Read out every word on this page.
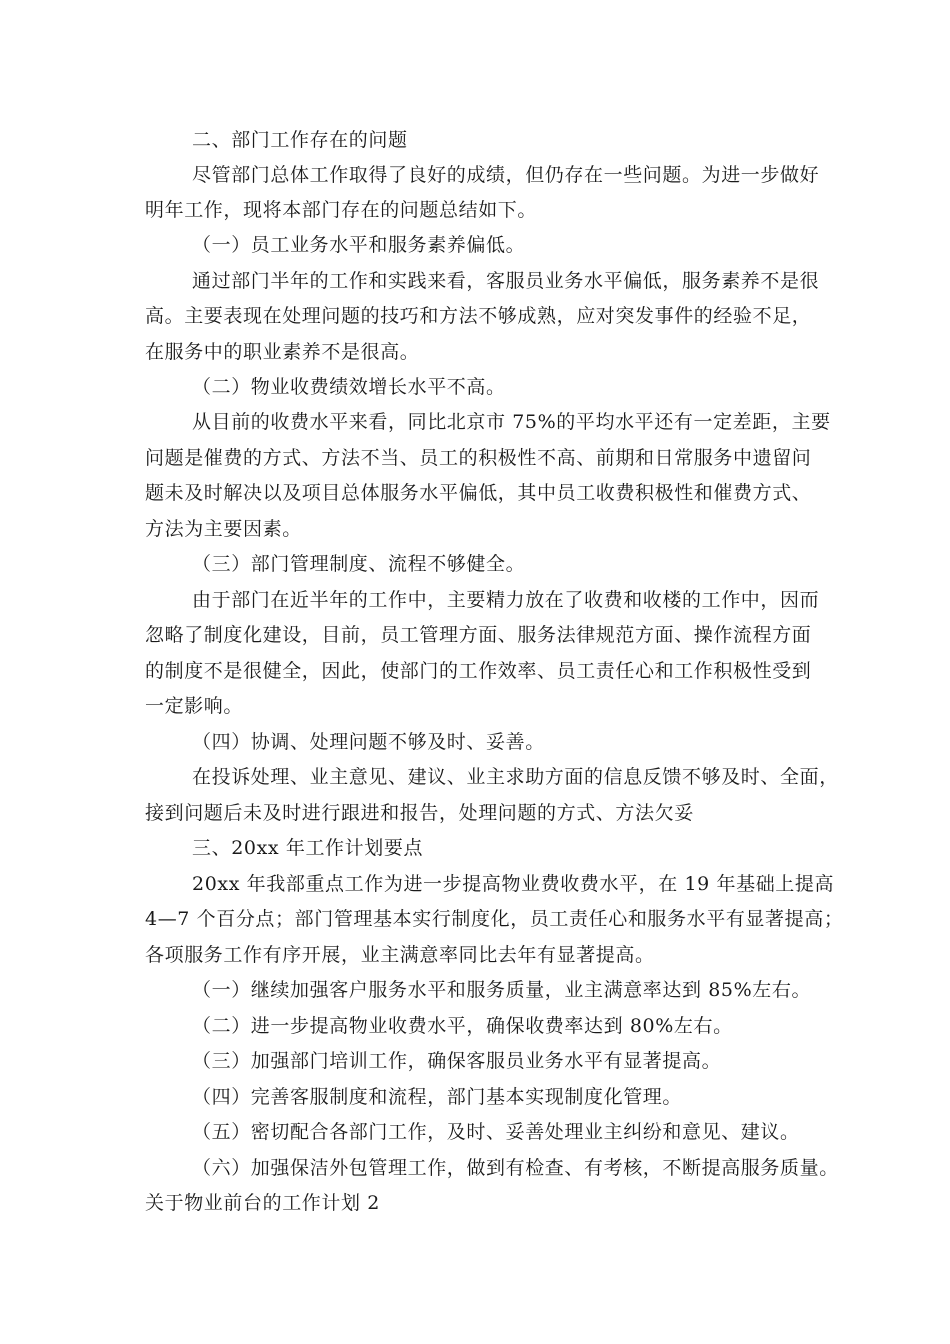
二、部门工作存在的问题
尽管部门总体工作取得了良好的成绩，但仍存在一些问题。为进一步做好
明年工作，现将本部门存在的问题总结如下。
（一）员工业务水平和服务素养偏低。
通过部门半年的工作和实践来看，客服员业务水平偏低，服务素养不是很
高。主要表现在处理问题的技巧和方法不够成熟，应对突发事件的经验不足，
在服务中的职业素养不是很高。
（二）物业收费绩效增长水平不高。
从目前的收费水平来看，同比北京市 75%的平均水平还有一定差距，主要
问题是催费的方式、方法不当、员工的积极性不高、前期和日常服务中遗留问
题未及时解决以及项目总体服务水平偏低，其中员工收费积极性和催费方式、
方法为主要因素。
（三）部门管理制度、流程不够健全。
由于部门在近半年的工作中，主要精力放在了收费和收楼的工作中，因而
忽略了制度化建设，目前，员工管理方面、服务法律规范方面、操作流程方面
的制度不是很健全，因此，使部门的工作效率、员工责任心和工作积极性受到
一定影响。
（四）协调、处理问题不够及时、妥善。
在投诉处理、业主意见、建议、业主求助方面的信息反馈不够及时、全面，
接到问题后未及时进行跟进和报告，处理问题的方式、方法欠妥
三、20xx 年工作计划要点
20xx 年我部重点工作为进一步提高物业费收费水平，在 19 年基础上提高
4—7 个百分点；部门管理基本实行制度化，员工责任心和服务水平有显著提高；
各项服务工作有序开展，业主满意率同比去年有显著提高。
（一）继续加强客户服务水平和服务质量，业主满意率达到 85%左右。
（二）进一步提高物业收费水平，确保收费率达到 80%左右。
（三）加强部门培训工作，确保客服员业务水平有显著提高。
（四）完善客服制度和流程，部门基本实现制度化管理。
（五）密切配合各部门工作，及时、妥善处理业主纠纷和意见、建议。
（六）加强保洁外包管理工作，做到有检查、有考核，不断提高服务质量。
关于物业前台的工作计划 2
